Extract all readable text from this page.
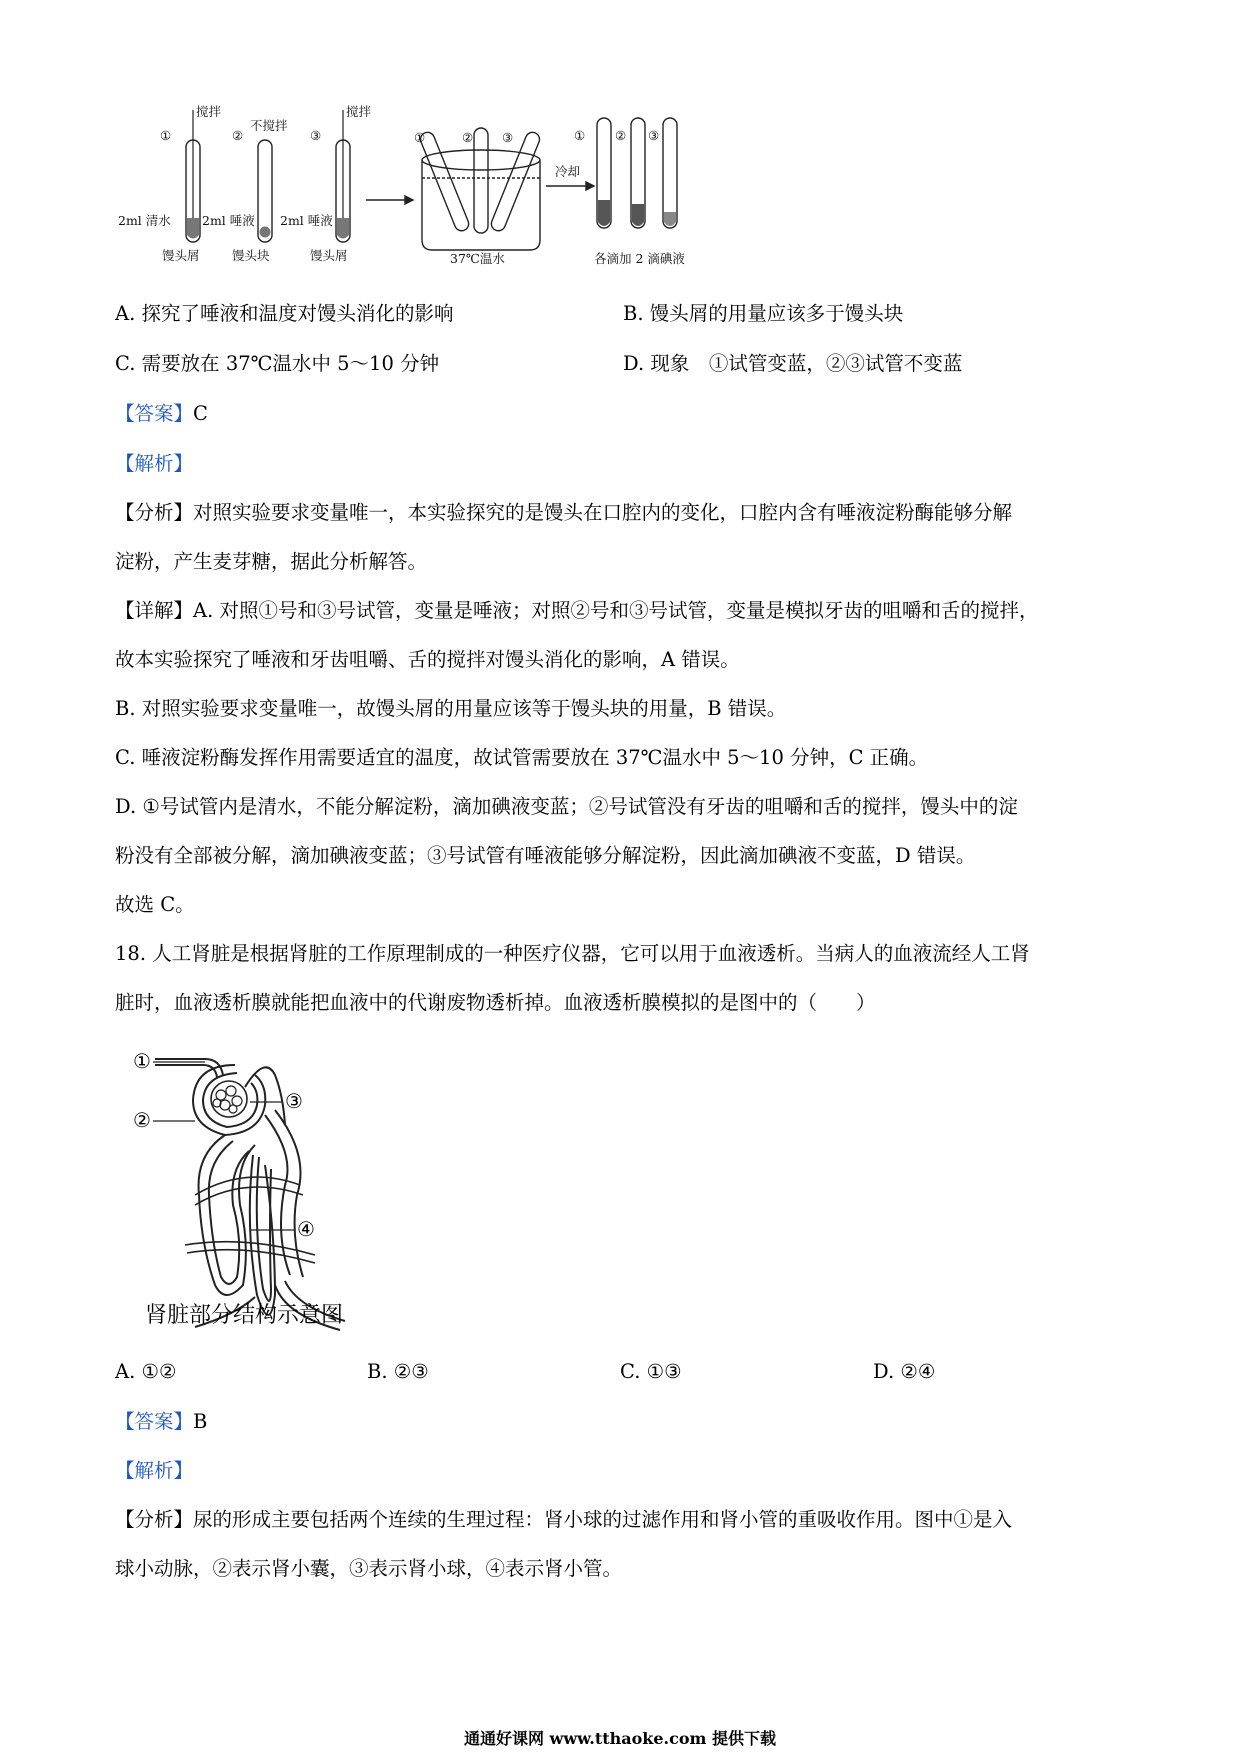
搅拌
不搅拌
搅拌
①	②	③
2ml 清水 2ml 唾液 2ml 唾液
馒头屑	馒头块	馒头屑
①	② ③
37℃温水
冷却
① ② ③
各滴加 2 滴碘液
A. 探究了唾液和温度对馒头消化的影响	B. 馒头屑的用量应该多于馒头块
C. 需要放在 37℃温水中 5～10 分钟	D. 现象　①试管变蓝，②③试管不变蓝
【答案】C
【解析】
【分析】对照实验要求变量唯一，本实验探究的是馒头在口腔内的变化，口腔内含有唾液淀粉酶能够分解
淀粉，产生麦芽糖，据此分析解答。
【详解】A. 对照①号和③号试管，变量是唾液；对照②号和③号试管，变量是模拟牙齿的咀嚼和舌的搅拌，
故本实验探究了唾液和牙齿咀嚼、舌的搅拌对馒头消化的影响，A 错误。
B. 对照实验要求变量唯一，故馒头屑的用量应该等于馒头块的用量，B 错误。
C. 唾液淀粉酶发挥作用需要适宜的温度，故试管需要放在 37℃温水中 5～10 分钟，C 正确。
D. ①号试管内是清水，不能分解淀粉，滴加碘液变蓝；②号试管没有牙齿的咀嚼和舌的搅拌，馒头中的淀
粉没有全部被分解，滴加碘液变蓝；③号试管有唾液能够分解淀粉，因此滴加碘液不变蓝，D 错误。
故选 C。
18. 人工肾脏是根据肾脏的工作原理制成的一种医疗仪器，它可以用于血液透析。当病人的血液流经人工肾
脏时，血液透析膜就能把血液中的代谢废物透析掉。血液透析膜模拟的是图中的（　　）
①
②
③
④
肾脏部分结构示意图
A. ①②	B. ②③	C. ①③	D. ②④
【答案】B
【解析】
【分析】尿的形成主要包括两个连续的生理过程：肾小球的过滤作用和肾小管的重吸收作用。图中①是入
球小动脉，②表示肾小囊，③表示肾小球，④表示肾小管。
通通好课网 www.tthaoke.com 提供下载
